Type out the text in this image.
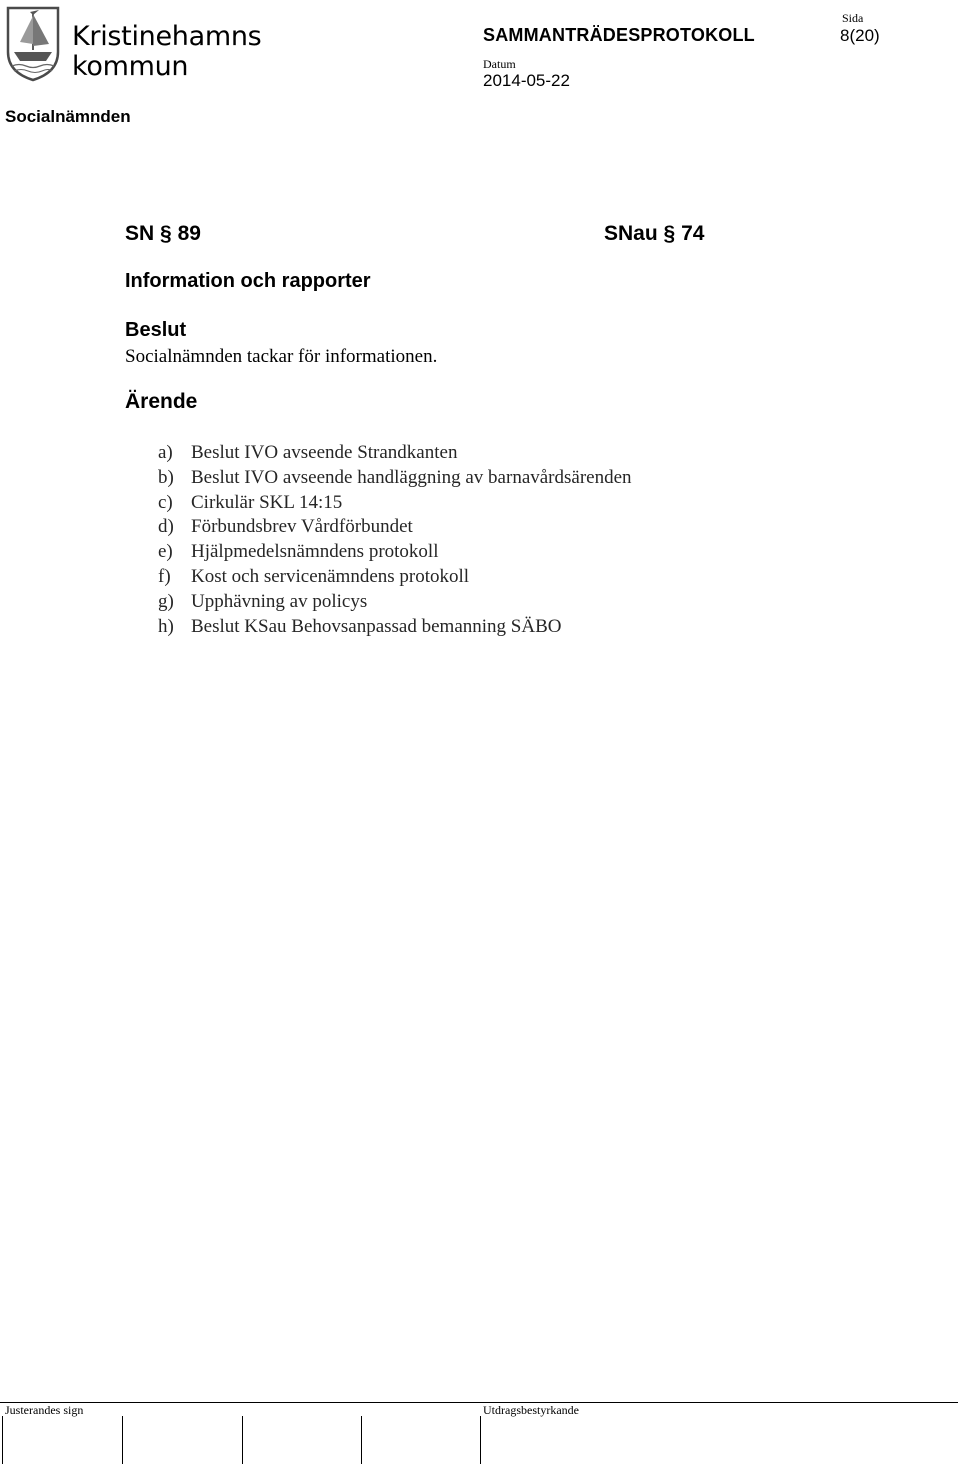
Kristinehamns
kommun
SAMMANTRÄDESPROTOKOLL
Sida
8(20)
Datum
2014-05-22
Socialnämnden
SN § 89	SNau § 74
Information och rapporter
Beslut
Socialnämnden tackar för informationen.
Ärende
a) Beslut IVO avseende Strandkanten
b) Beslut IVO avseende handläggning av barnavårdsärenden
c) Cirkulär SKL 14:15
d) Förbundsbrev Vårdförbundet
e) Hjälpmedelsnämndens protokoll
f)	Kost och servicenämndens protokoll
g) Upphävning av policys
h) Beslut KSau Behovsanpassad bemanning SÄBO
Justerandes sign	Utdragsbestyrkande
